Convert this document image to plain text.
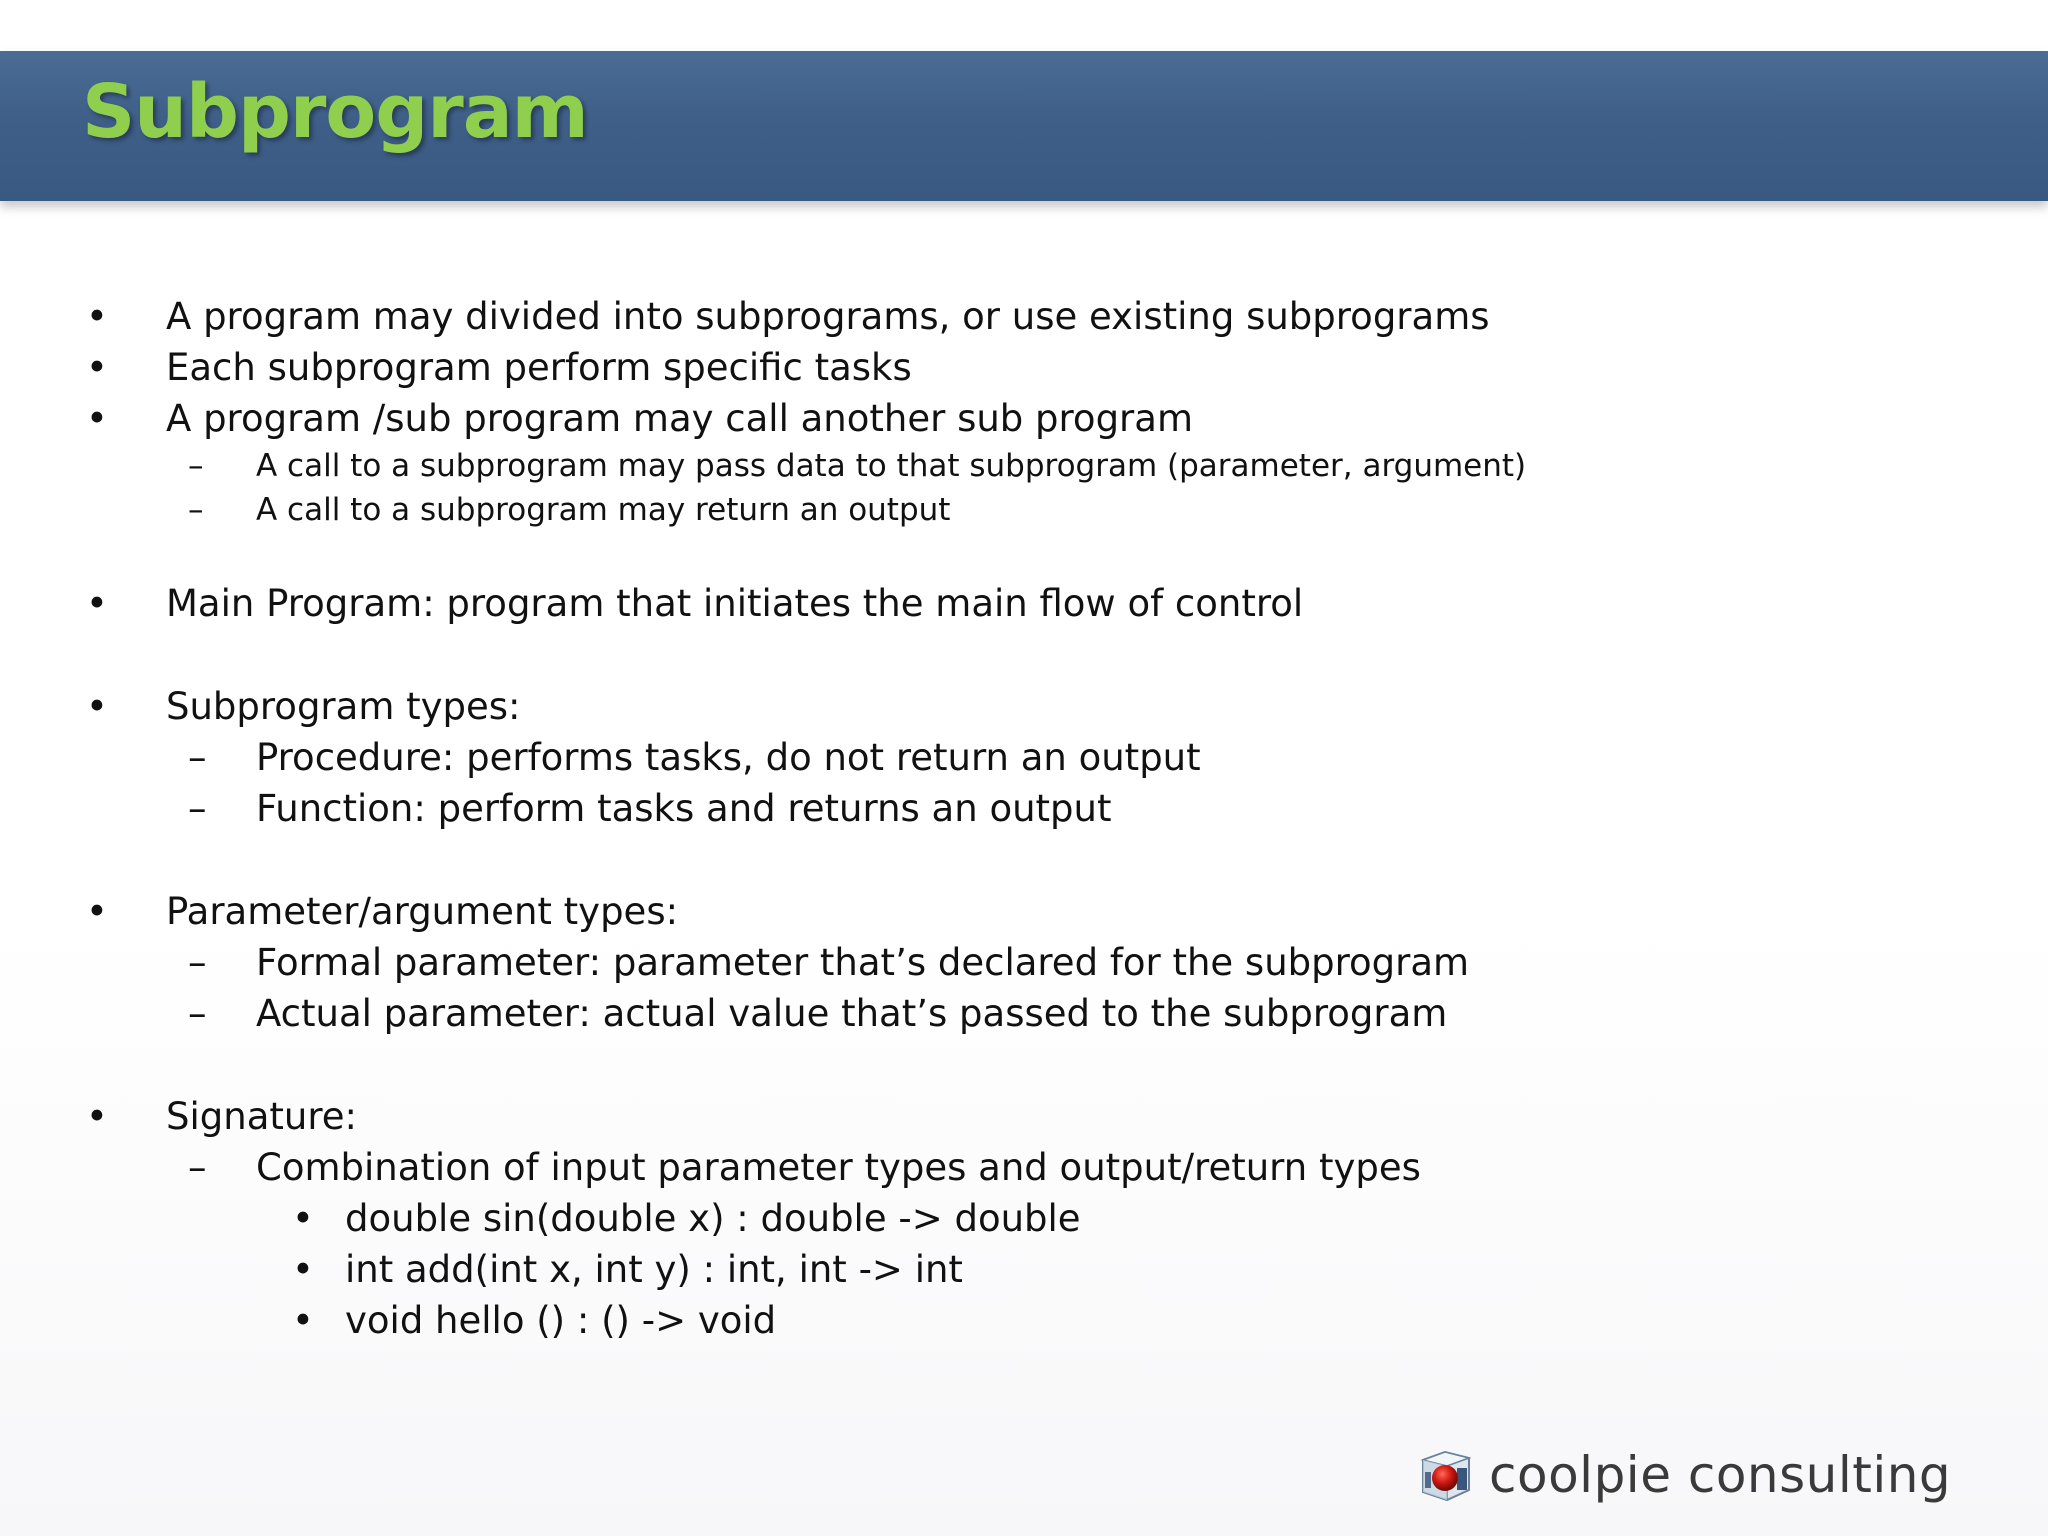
Subprogram
• A program may divided into subprograms, or use existing subprograms
• Each subprogram perform specific tasks
• A program /sub program may call another sub program
– A call to a subprogram may pass data to that subprogram (parameter, argument)
– A call to a subprogram may return an output
• Main Program: program that initiates the main flow of control
• Subprogram types:
– Procedure: performs tasks, do not return an output
– Function: perform tasks and returns an output
• Parameter/argument types:
– Formal parameter: parameter that’s declared for the subprogram
– Actual parameter: actual value that’s passed to the subprogram
• Signature:
– Combination of input parameter types and output/return types
• double sin(double x) : double -> double
• int add(int x, int y) : int, int -> int
• void hello () : () -> void
coolpie consulting
